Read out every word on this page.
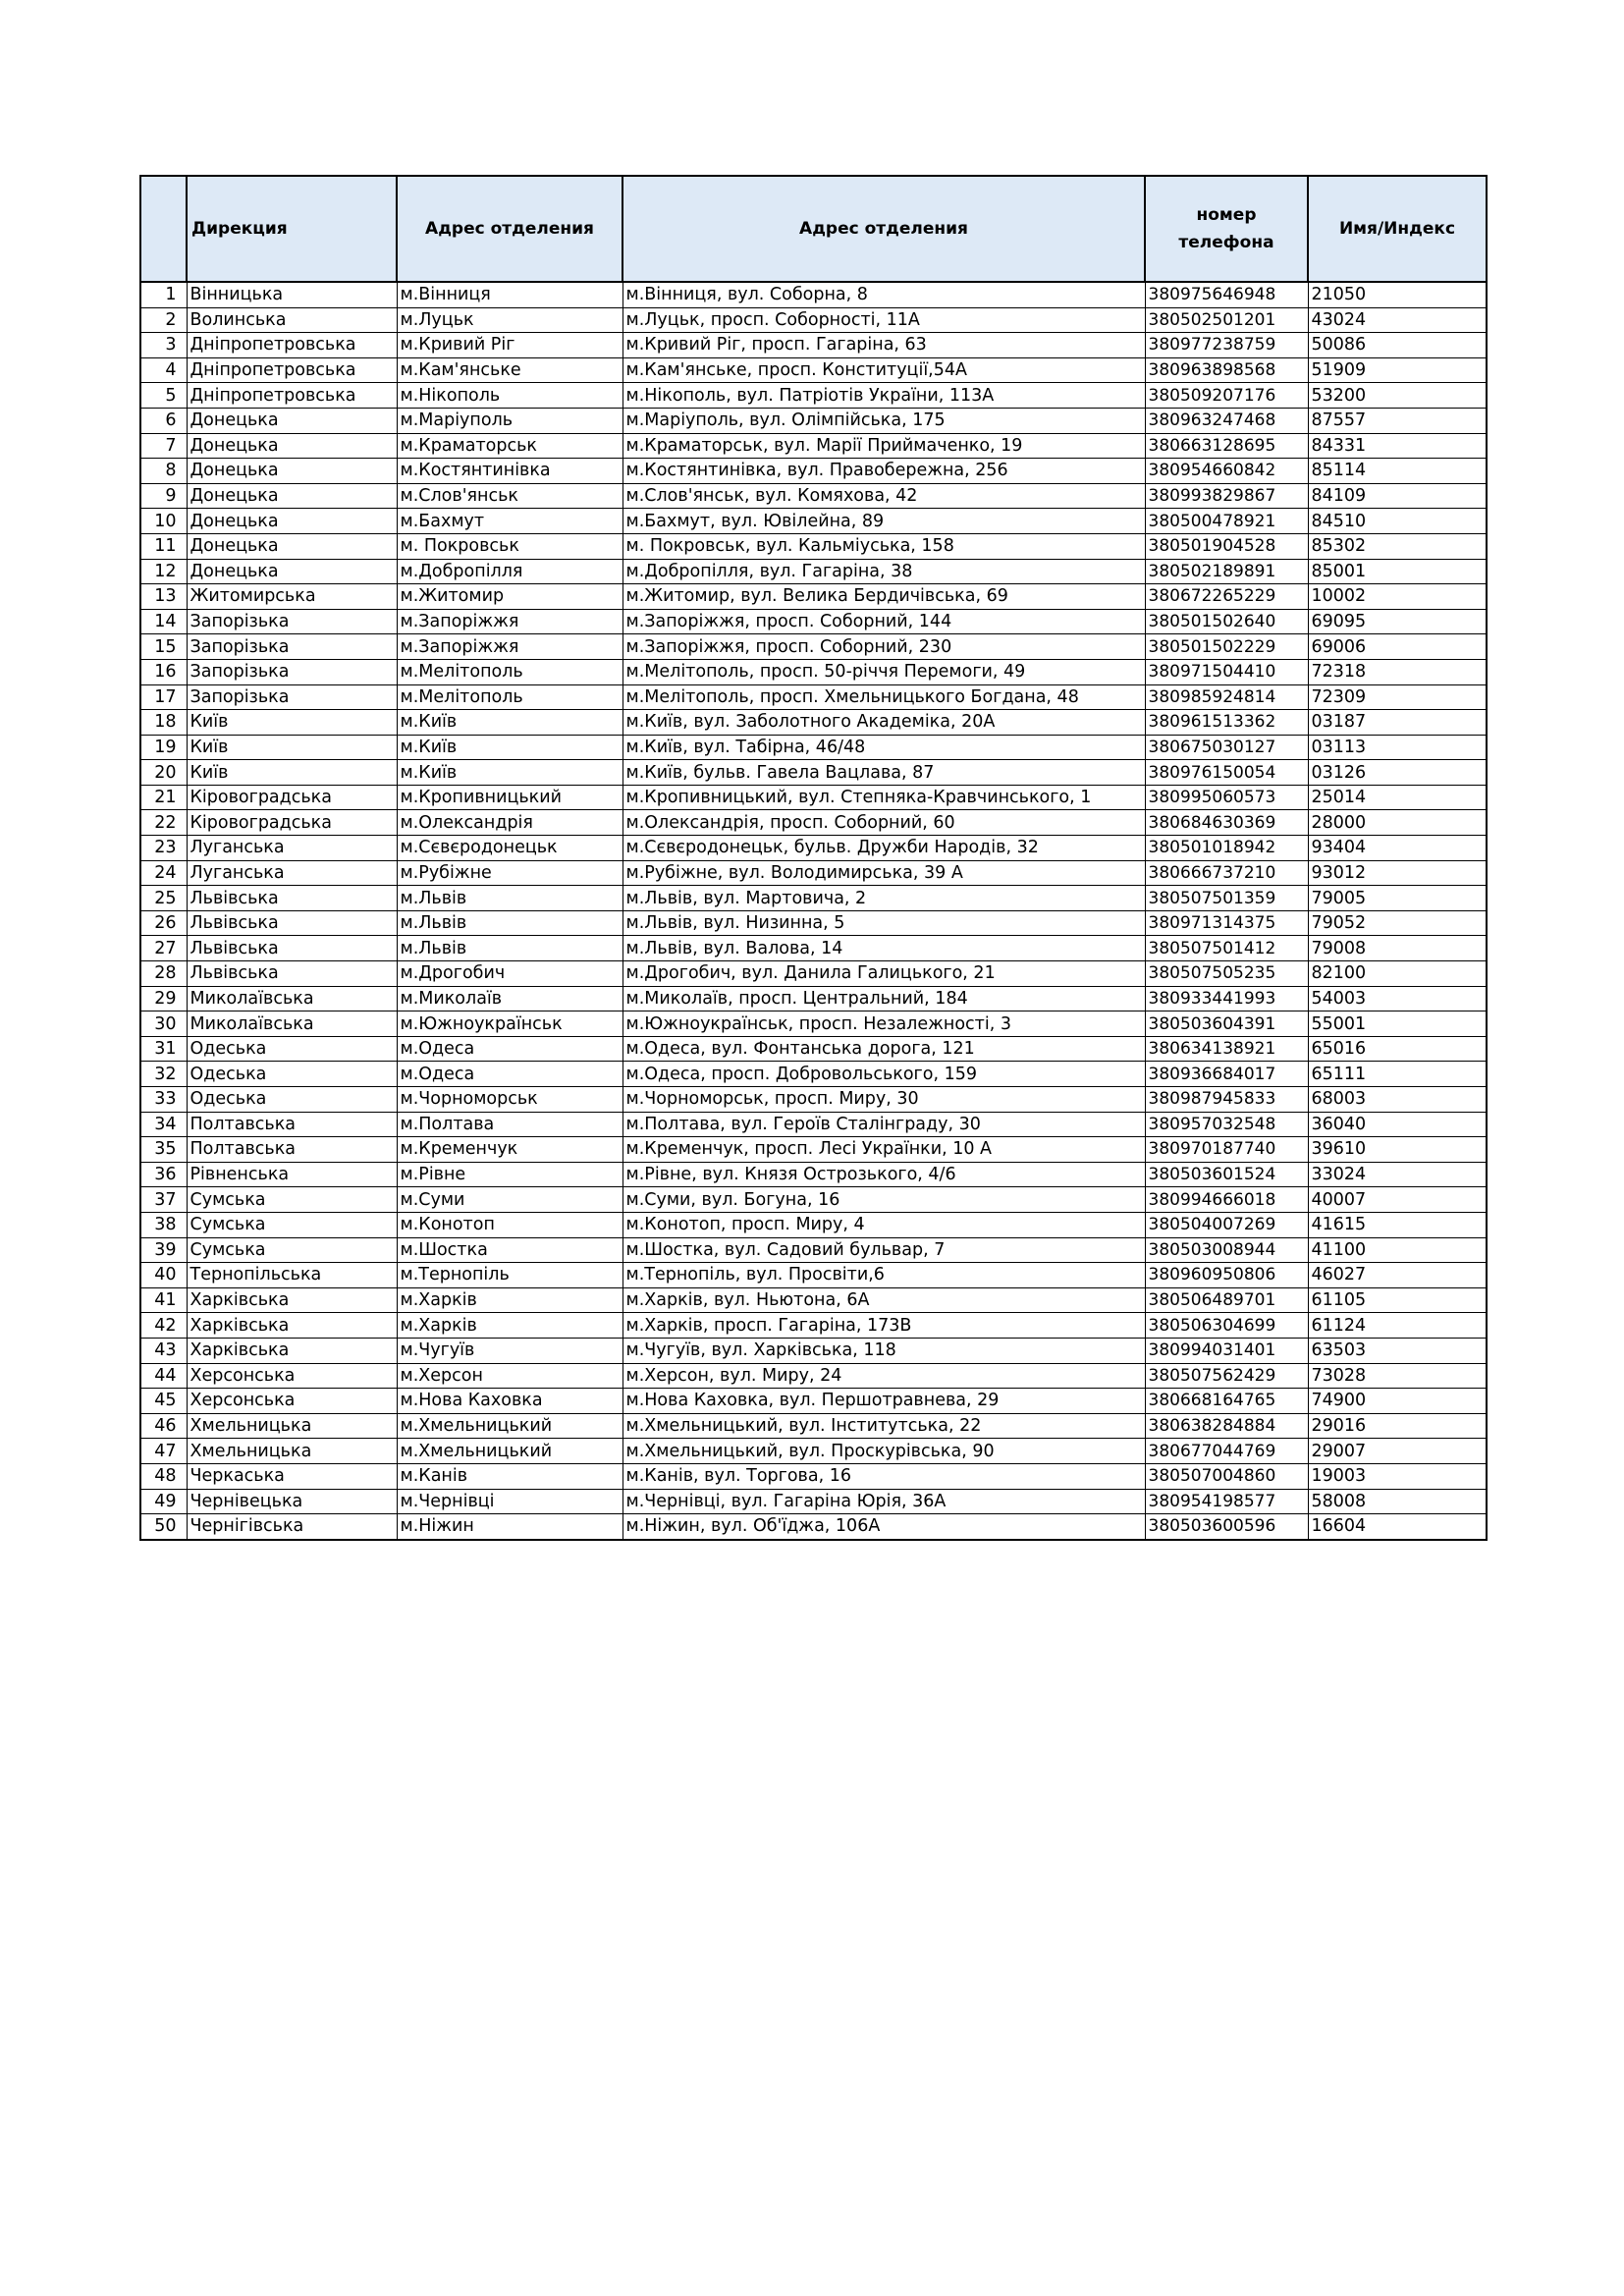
	Дирекция	Адрес отделения	Адрес отделения	номер телефона	Имя/Индекс
1	Вінницька	м.Вінниця	м.Вінниця, вул. Соборна, 8	380975646948	21050
2	Волинська	м.Луцьк	м.Луцьк, просп. Соборності, 11А	380502501201	43024
3	Дніпропетровська	м.Кривий Ріг	м.Кривий Ріг, просп. Гагаріна, 63	380977238759	50086
4	Дніпропетровська	м.Кам'янське	м.Кам'янське, просп. Конституції,54А	380963898568	51909
5	Дніпропетровська	м.Нікополь	м.Нікополь, вул. Патріотів України, 113А	380509207176	53200
6	Донецька	м.Маріуполь	м.Маріуполь, вул. Олімпійська, 175	380963247468	87557
7	Донецька	м.Краматорськ	м.Краматорськ, вул. Марії Приймаченко, 19	380663128695	84331
8	Донецька	м.Костянтинівка	м.Костянтинівка, вул. Правобережна, 256	380954660842	85114
9	Донецька	м.Слов'янськ	м.Слов'янськ, вул. Комяхова, 42	380993829867	84109
10	Донецька	м.Бахмут	м.Бахмут, вул. Ювілейна, 89	380500478921	84510
11	Донецька	м. Покровськ	м. Покровськ, вул. Кальміуська, 158	380501904528	85302
12	Донецька	м.Добропілля	м.Добропілля, вул. Гагаріна, 38	380502189891	85001
13	Житомирська	м.Житомир	м.Житомир, вул. Велика Бердичівська, 69	380672265229	10002
14	Запорізька	м.Запоріжжя	м.Запоріжжя, просп. Соборний, 144	380501502640	69095
15	Запорізька	м.Запоріжжя	м.Запоріжжя, просп. Соборний, 230	380501502229	69006
16	Запорізька	м.Мелітополь	м.Мелітополь, просп. 50-річчя Перемоги, 49	380971504410	72318
17	Запорізька	м.Мелітополь	м.Мелітополь, просп. Хмельницького Богдана, 48	380985924814	72309
18	Київ	м.Київ	м.Київ, вул. Заболотного Академіка, 20А	380961513362	03187
19	Київ	м.Київ	м.Київ, вул. Табірна, 46/48	380675030127	03113
20	Київ	м.Київ	м.Київ, бульв. Гавела Вацлава, 87	380976150054	03126
21	Кіровоградська	м.Кропивницький	м.Кропивницький, вул. Степняка-Кравчинського, 1	380995060573	25014
22	Кіровоградська	м.Олександрія	м.Олександрія, просп. Соборний, 60	380684630369	28000
23	Луганська	м.Сєвєродонецьк	м.Сєвєродонецьк, бульв. Дружби Народів, 32	380501018942	93404
24	Луганська	м.Рубіжне	м.Рубіжне, вул. Володимирська, 39 А	380666737210	93012
25	Львівська	м.Львів	м.Львів, вул. Мартовича, 2	380507501359	79005
26	Львівська	м.Львів	м.Львів, вул. Низинна, 5	380971314375	79052
27	Львівська	м.Львів	м.Львів, вул. Валова, 14	380507501412	79008
28	Львівська	м.Дрогобич	м.Дрогобич, вул. Данила Галицького, 21	380507505235	82100
29	Миколаївська	м.Миколаїв	м.Миколаїв, просп. Центральний, 184	380933441993	54003
30	Миколаївська	м.Южноукраїнськ	м.Южноукраїнськ, просп. Незалежності, 3	380503604391	55001
31	Одеська	м.Одеса	м.Одеса, вул. Фонтанська дорога, 121	380634138921	65016
32	Одеська	м.Одеса	м.Одеса, просп. Добровольського, 159	380936684017	65111
33	Одеська	м.Чорноморськ	м.Чорноморськ, просп. Миру, 30	380987945833	68003
34	Полтавська	м.Полтава	м.Полтава, вул. Героїв Сталінграду, 30	380957032548	36040
35	Полтавська	м.Кременчук	м.Кременчук, просп. Лесі Українки, 10 А	380970187740	39610
36	Рівненська	м.Рівне	м.Рівне, вул. Князя Острозького, 4/6	380503601524	33024
37	Сумська	м.Суми	м.Суми, вул. Богуна, 16	380994666018	40007
38	Сумська	м.Конотоп	м.Конотоп, просп. Миру, 4	380504007269	41615
39	Сумська	м.Шостка	м.Шостка, вул. Садовий бульвар, 7	380503008944	41100
40	Тернопільська	м.Тернопіль	м.Тернопіль, вул. Просвіти,6	380960950806	46027
41	Харківська	м.Харків	м.Харків, вул. Ньютона, 6А	380506489701	61105
42	Харківська	м.Харків	м.Харків, просп. Гагаріна, 173В	380506304699	61124
43	Харківська	м.Чугуїв	м.Чугуїв, вул. Харківська, 118	380994031401	63503
44	Херсонська	м.Херсон	м.Херсон, вул. Миру, 24	380507562429	73028
45	Херсонська	м.Нова Каховка	м.Нова Каховка, вул. Першотравнева, 29	380668164765	74900
46	Хмельницька	м.Хмельницький	м.Хмельницький, вул. Інститутська, 22	380638284884	29016
47	Хмельницька	м.Хмельницький	м.Хмельницький, вул. Проскурівська, 90	380677044769	29007
48	Черкаська	м.Канів	м.Канів, вул. Торгова, 16	380507004860	19003
49	Чернівецька	м.Чернівці	м.Чернівці, вул. Гагаріна Юрія, 36А	380954198577	58008
50	Чернігівська	м.Ніжин	м.Ніжин, вул. Об'їджа, 106А	380503600596	16604
